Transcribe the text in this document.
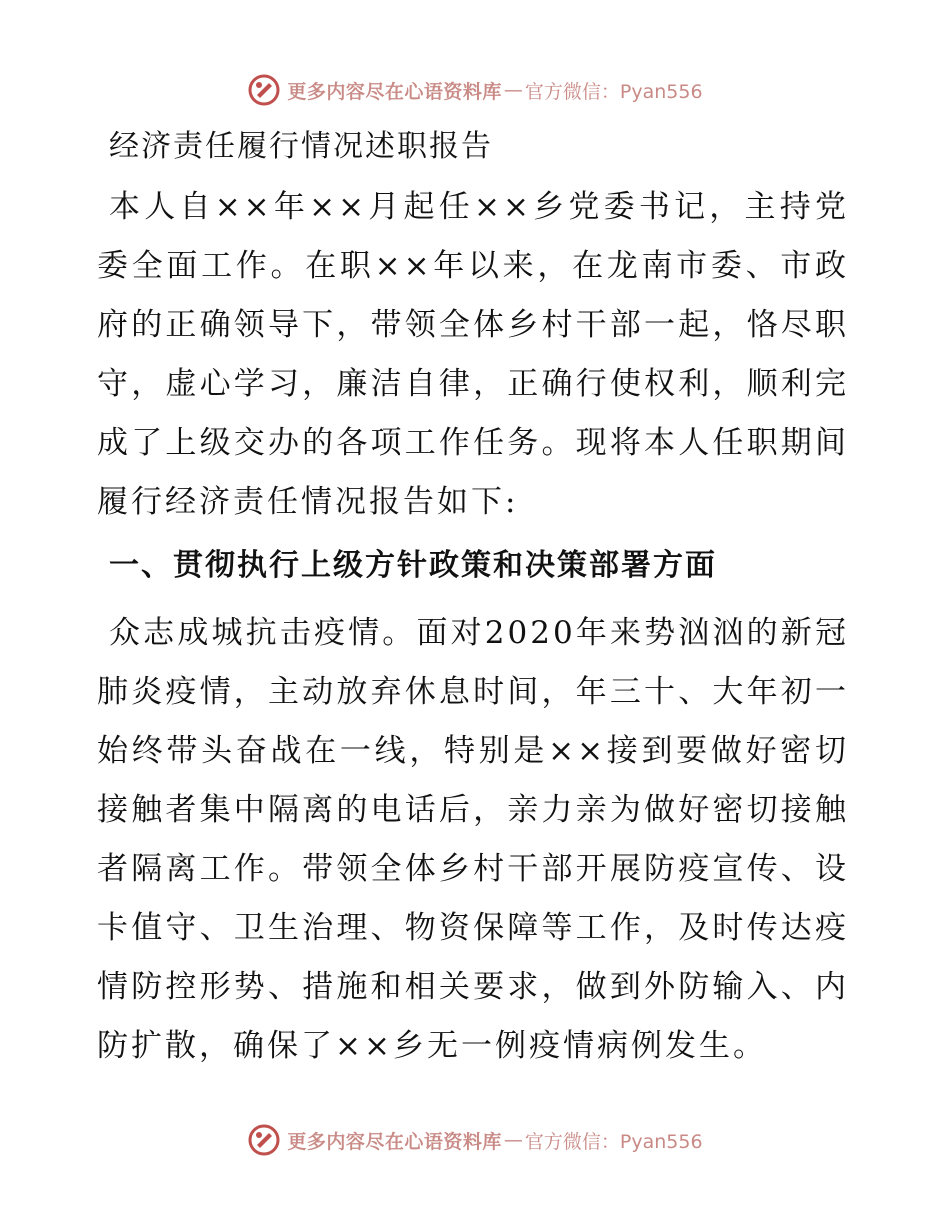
更多内容尽在心语资料库 — 官方微信：Pyan556
经济责任履行情况述职报告

本人自××年××月起任××乡党委书记，主持党委全面工作。在职××年以来，在龙南市委、市政府的正确领导下，带领全体乡村干部一起，恪尽职守，虚心学习，廉洁自律，正确行使权利，顺利完成了上级交办的各项工作任务。现将本人任职期间履行经济责任情况报告如下:

一、贯彻执行上级方针政策和决策部署方面

众志成城抗击疫情。面对2020年来势汹汹的新冠肺炎疫情，主动放弃休息时间，年三十、大年初一始终带头奋战在一线，特别是××接到要做好密切接触者集中隔离的电话后，亲力亲为做好密切接触者隔离工作。带领全体乡村干部开展防疫宣传、设卡值守、卫生治理、物资保障等工作，及时传达疫情防控形势、措施和相关要求，做到外防输入、内防扩散，确保了××乡无一例疫情病例发生。

更多内容尽在心语资料库 — 官方微信：Pyan556
